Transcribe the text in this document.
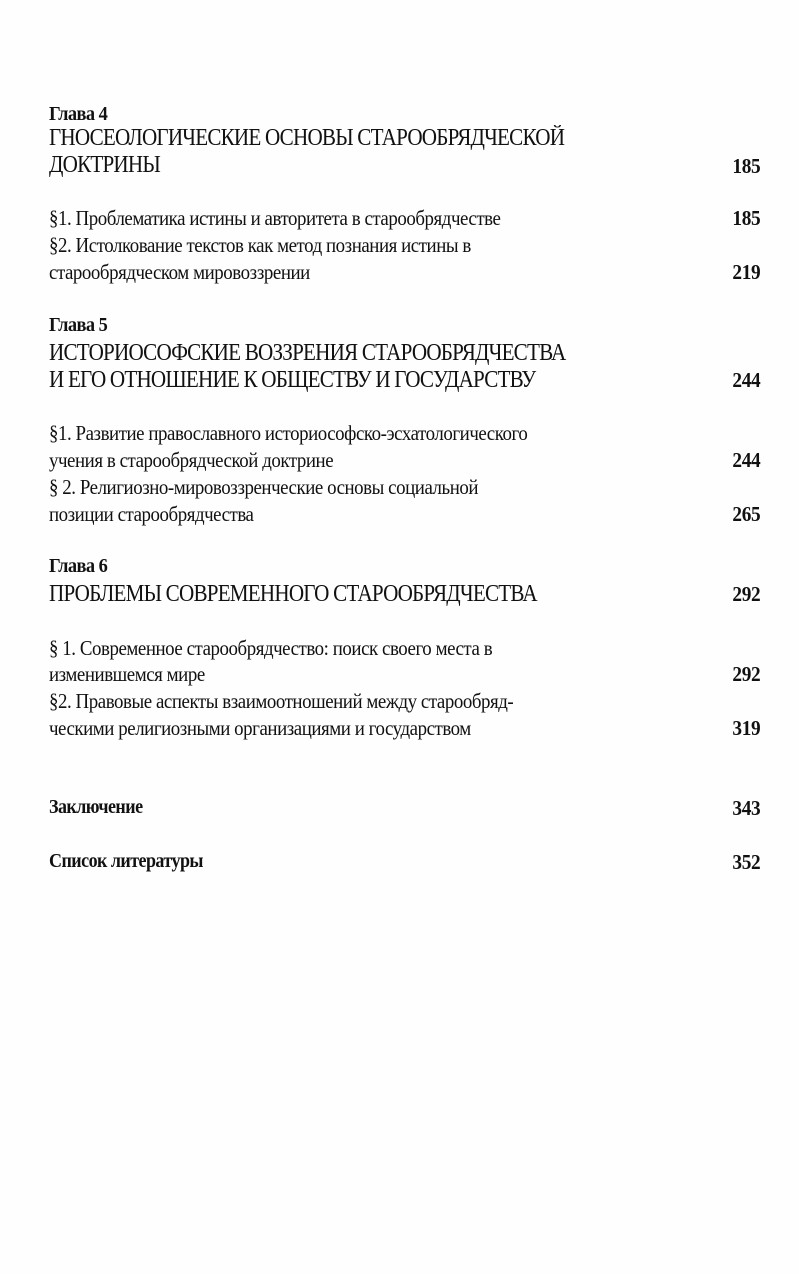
Глава 4
ГНОСЕОЛОГИЧЕСКИЕ ОСНОВЫ СТАРООБРЯДЧЕСКОЙ
ДОКТРИНЫ	185
§1. Проблематика истины и авторитета в старообрядчестве	185
§2. Истолкование текстов как метод познания истины в
старообрядческом мировоззрении	219
Глава 5
ИСТОРИОСОФСКИЕ ВОЗЗРЕНИЯ СТАРООБРЯДЧЕСТВА
И ЕГО ОТНОШЕНИЕ К ОБЩЕСТВУ И ГОСУДАРСТВУ	244
§1. Развитие православного историософско-эсхатологического
учения в старообрядческой доктрине	244
§ 2. Религиозно-мировоззренческие основы социальной
позиции старообрядчества	265
Глава 6
ПРОБЛЕМЫ СОВРЕМЕННОГО СТАРООБРЯДЧЕСТВА	292
§ 1. Современное старообрядчество: поиск своего места в
изменившемся мире	292
§2. Правовые аспекты взаимоотношений между старообряд-
ческими религиозными организациями и государством	319
Заключение	343
Список литературы	352
